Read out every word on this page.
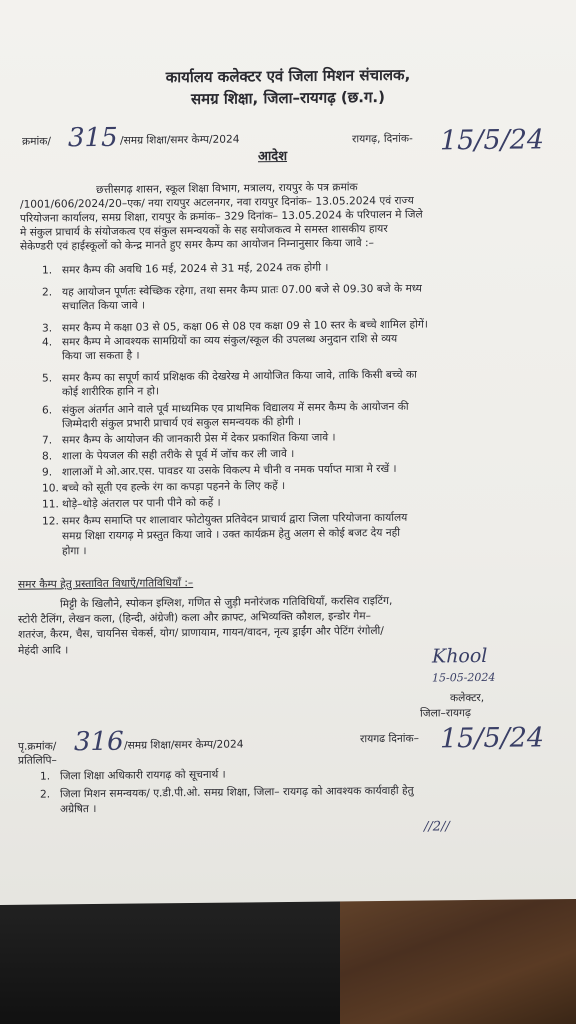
कार्यालय कलेक्टर एवं जिला मिशन संचालक,
समग्र शिक्षा, जिला–रायगढ़ (छ.ग.)
क्रमांक/ 315 /समग्र शिक्षा/समर केम्प/2024	रायगढ़, दिनांक- 15/5/24
आदेश
छत्तीसगढ़ शासन, स्कूल शिक्षा विभाग, मत्रालय, रायपुर के पत्र क्रमांक
/1001/606/2024/20–एक/ नया रायपुर अटलनगर, नवा रायपुर दिनांक– 13.05.2024 एवं राज्य
परियोजना कार्यालय, समग्र शिक्षा, रायपुर के क्रमांक– 329 दिनांक– 13.05.2024 के परिपालन मे जिले
मे संकुल प्राचार्य के संयोजकत्व एव संकुल समन्वयकों के सह सयोजकत्व मे समस्त शासकीय हायर
सेकेण्डरी एवं हाईस्कूलों को केन्द्र मानते हुए समर कैम्प का आयोजन निम्नानुसार किया जावे :–
1. समर कैम्प की अवधि 16 मई, 2024 से 31 मई, 2024 तक होगी ।
2. यह आयोजन पूर्णतः स्वेच्छिक रहेगा, तथा समर कैम्प प्रातः 07.00 बजे से 09.30 बजे के मध्य
सचालित किया जावे ।
3. समर कैम्प मे कक्षा 03 से 05, कक्षा 06 से 08 एव कक्षा 09 से 10 स्तर के बच्चे शामिल होगें।
4. समर कैम्प मे आवश्यक सामग्रियों का व्यय संकुल/स्कूल की उपलब्ध अनुदान राशि से व्यय
किया जा सकता है ।
5. समर कैम्प का सपूर्ण कार्य प्रशिक्षक की देखरेख मे आयोजित किया जावे, ताकि किसी बच्चे का
कोई शारीरिक हानि न हो।
6. संकुल अंतर्गत आने वाले पूर्व माध्यमिक एव प्राथमिक विद्यालय में समर कैम्प के आयोजन की
जिम्मेदारी संकुल प्रभारी प्राचार्य एवं सकुल समन्वयक की होगी ।
7. समर कैम्प के आयोजन की जानकारी प्रेस में देकर प्रकाशित किया जावे ।
8. शाला के पेयजल की सही तरीके से पूर्व में जॉच कर ली जावे ।
9. शालाओं मे ओ.आर.एस. पावडर या उसके विकल्प मे चीनी व नमक पर्याप्त मात्रा मे रखें ।
10. बच्चे को सूती एव हल्के रंग का कपड़ा पहनने के लिए कहें ।
11. थोड़े–थोड़े अंतराल पर पानी पीने को कहें ।
12. समर कैम्प समाप्ति पर शालावार फोटोयुक्त प्रतिवेदन प्राचार्य द्वारा जिला परियोजना कार्यालय
समग्र शिक्षा रायगढ़ मे प्रस्तुत किया जावे । उक्त कार्यक्रम हेतु अलग से कोई बजट देय नही
होगा ।
समर कैम्प हेतु प्रस्तावित विधाएँ/गतिविधियॉं :–
मिट्टी के खिलौने, स्पोकन इग्लिश, गणित से जुड़ी मनोरंजक गतिविधियॉं, करसिव राइटिंग,
स्टोरी टैलिंग, लेखन कला, (हिन्दी, अंग्रेजी) कला और क्राफ्ट, अभिव्यक्ति कौशल, इन्डोर गेम–
शतरंज, कैरम, चैस, चायनिस चेकर्स, योग/ प्राणायाम, गायन/वादन, नृत्य ड्राईंग और पेटिंग रंगोली/
मेहंदी आदि ।	Khool
15-05-2024
कलेक्टर,
जिला–रायगढ़
पृ.क्रमांक/ 316 /समग्र शिक्षा/समर केम्प/2024	रायगढ दिनांक– 15/5/24
प्रतिलिपि–
1. जिला शिक्षा अधिकारी रायगढ़ को सूचनार्थ ।
2. जिला मिशन समन्वयक/ ए.डी.पी.ओ. समग्र शिक्षा, जिला– रायगढ़ को आवश्यक कार्यवाही हेतु
अग्रेषित ।
//2//
